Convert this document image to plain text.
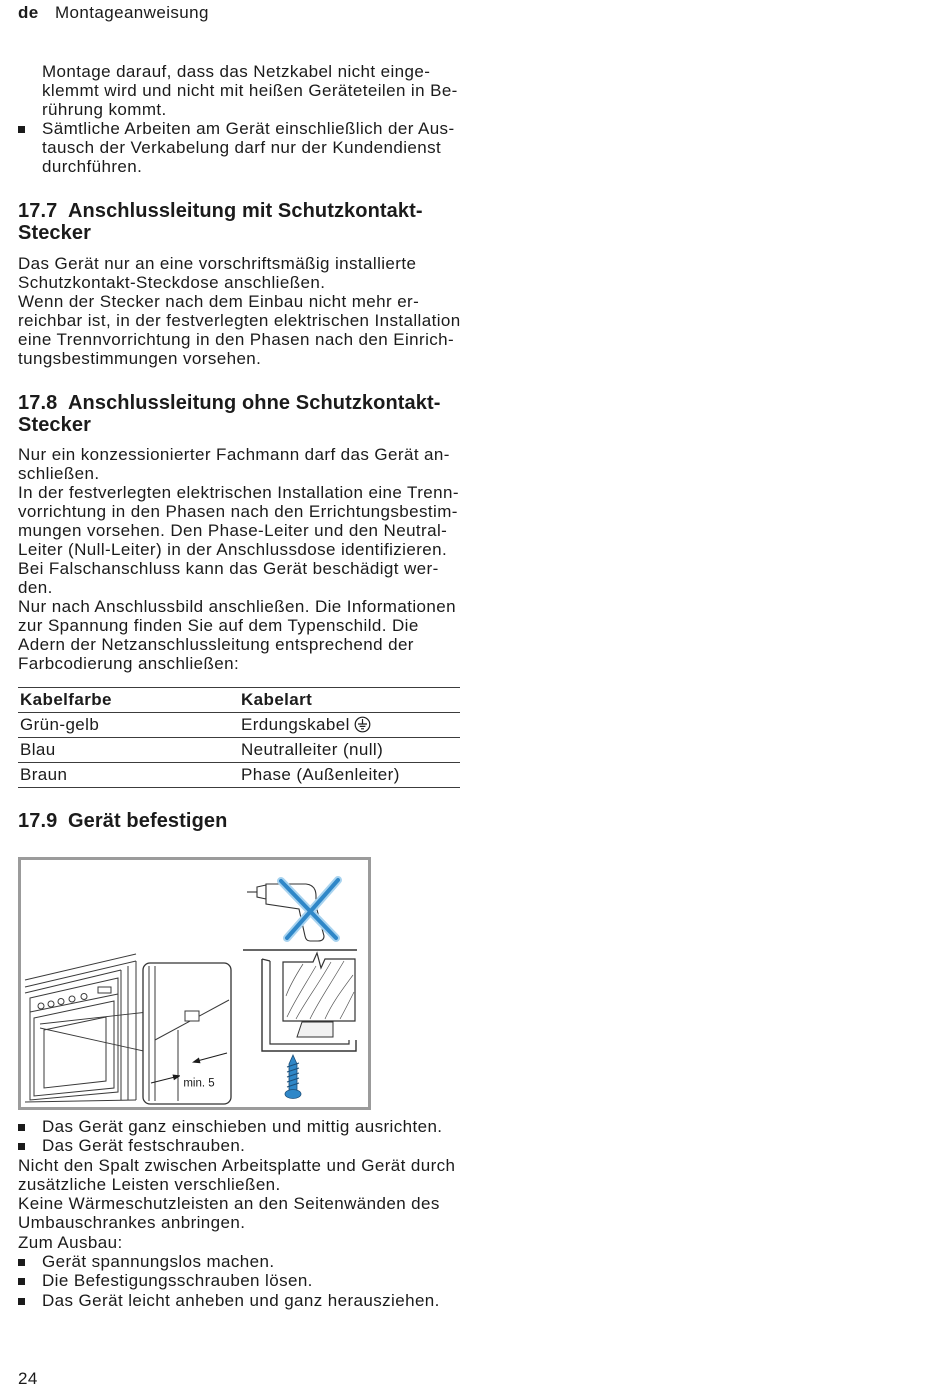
de Montageanweisung
Montage darauf, dass das Netzkabel nicht einge-
klemmt wird und nicht mit heißen Geräteteilen in Be-
rührung kommt.
Sämtliche Arbeiten am Gerät einschließlich der Aus-
tausch der Verkabelung darf nur der Kundendienst
durchführen.
17.7 Anschlussleitung mit Schutzkontakt-
Stecker
Das Gerät nur an eine vorschriftsmäßig installierte
Schutzkontakt-Steckdose anschließen.
Wenn der Stecker nach dem Einbau nicht mehr er-
reichbar ist, in der festverlegten elektrischen Installation
eine Trennvorrichtung in den Phasen nach den Einrich-
tungsbestimmungen vorsehen.
17.8 Anschlussleitung ohne Schutzkontakt-
Stecker
Nur ein konzessionierter Fachmann darf das Gerät an-
schließen.
In der festverlegten elektrischen Installation eine Trenn-
vorrichtung in den Phasen nach den Errichtungsbestim-
mungen vorsehen. Den Phase-Leiter und den Neutral-
Leiter (Null-Leiter) in der Anschlussdose identifizieren.
Bei Falschanschluss kann das Gerät beschädigt wer-
den.
Nur nach Anschlussbild anschließen. Die Informationen
zur Spannung finden Sie auf dem Typenschild. Die
Adern der Netzanschlussleitung entsprechend der
Farbcodierung anschließen:
Kabelfarbe	Kabelart
Grün-gelb	Erdungskabel
Blau	Neutralleiter (null)
Braun	Phase (Außenleiter)
17.9 Gerät befestigen
min. 5
Das Gerät ganz einschieben und mittig ausrichten.
Das Gerät festschrauben.
Nicht den Spalt zwischen Arbeitsplatte und Gerät durch
zusätzliche Leisten verschließen.
Keine Wärmeschutzleisten an den Seitenwänden des
Umbauschrankes anbringen.
Zum Ausbau:
Gerät spannungslos machen.
Die Befestigungsschrauben lösen.
Das Gerät leicht anheben und ganz herausziehen.
24
